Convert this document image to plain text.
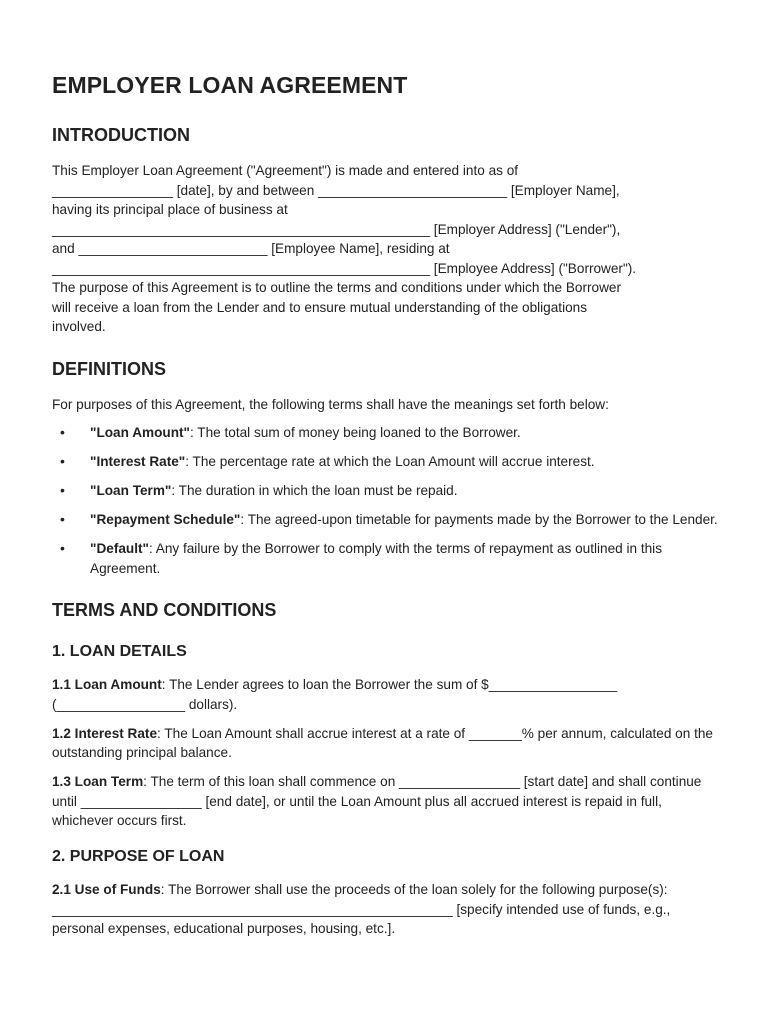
EMPLOYER LOAN AGREEMENT
INTRODUCTION

This Employer Loan Agreement ("Agreement") is made and entered into as of
________________ [date], by and between _________________________ [Employer Name],
having its principal place of business at
__________________________________________________ [Employer Address] ("Lender"),
and _________________________ [Employee Name], residing at
__________________________________________________ [Employee Address] ("Borrower").
The purpose of this Agreement is to outline the terms and conditions under which the Borrower
will receive a loan from the Lender and to ensure mutual understanding of the obligations
involved.

DEFINITIONS

For purposes of this Agreement, the following terms shall have the meanings set forth below:

• "Loan Amount": The total sum of money being loaned to the Borrower.
• "Interest Rate": The percentage rate at which the Loan Amount will accrue interest.
• "Loan Term": The duration in which the loan must be repaid.
• "Repayment Schedule": The agreed-upon timetable for payments made by the Borrower to the Lender.
• "Default": Any failure by the Borrower to comply with the terms of repayment as outlined in this Agreement.
TERMS AND CONDITIONS
1. LOAN DETAILS

1.1 Loan Amount: The Lender agrees to loan the Borrower the sum of $_________________ (_________________ dollars).

1.2 Interest Rate: The Loan Amount shall accrue interest at a rate of _______% per annum, calculated on the outstanding principal balance.

1.3 Loan Term: The term of this loan shall commence on ________________ [start date] and shall continue until ________________ [end date], or until the Loan Amount plus all accrued interest is repaid in full, whichever occurs first.

2. PURPOSE OF LOAN

2.1 Use of Funds: The Borrower shall use the proceeds of the loan solely for the following purpose(s): _____________________________________________________ [specify intended use of funds, e.g., personal expenses, educational purposes, housing, etc.].
